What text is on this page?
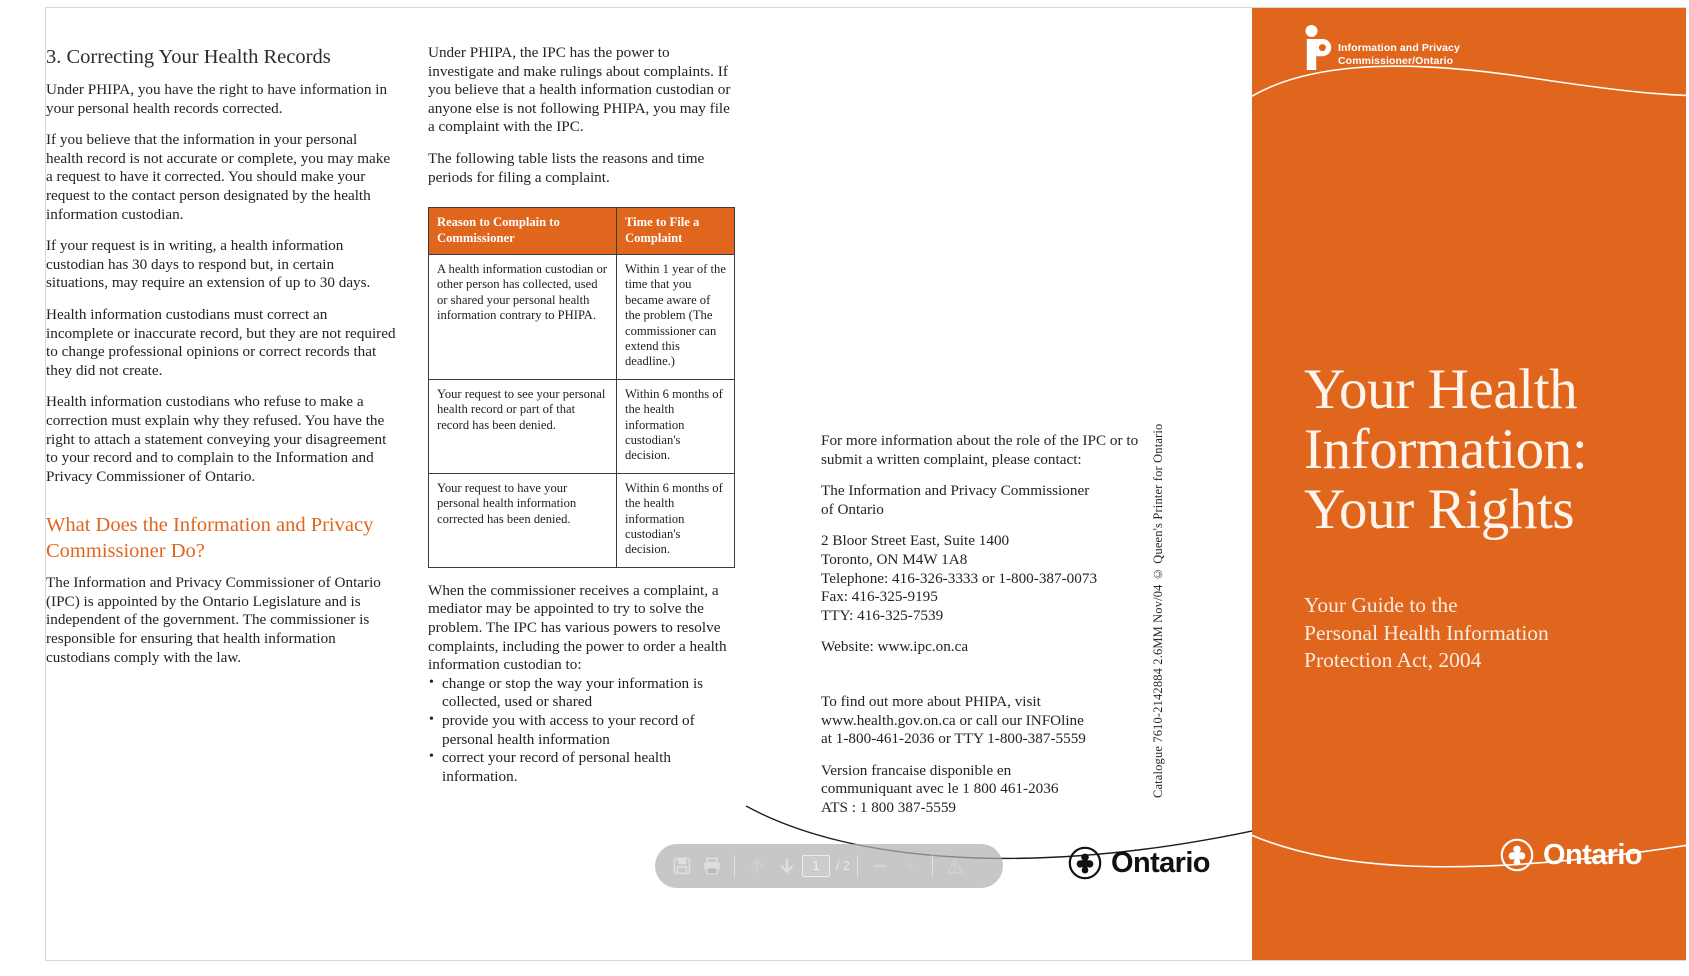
3. Correcting Your Health Records

Under PHIPA, you have the right to have information in your personal health records corrected.

If you believe that the information in your personal health record is not accurate or complete, you may make a request to have it corrected. You should make your request to the contact person designated by the health information custodian.

If your request is in writing, a health information custodian has 30 days to respond but, in certain situations, may require an extension of up to 30 days.

Health information custodians must correct an incomplete or inaccurate record, but they are not required to change professional opinions or correct records that they did not create.

Health information custodians who refuse to make a correction must explain why they refused. You have the right to attach a statement conveying your disagreement to your record and to complain to the Information and Privacy Commissioner of Ontario.

What Does the Information and Privacy Commissioner Do?

The Information and Privacy Commissioner of Ontario (IPC) is appointed by the Ontario Legislature and is independent of the government. The commissioner is responsible for ensuring that health information custodians comply with the law.

Under PHIPA, the IPC has the power to investigate and make rulings about complaints. If you believe that a health information custodian or anyone else is not following PHIPA, you may file a complaint with the IPC.

The following table lists the reasons and time periods for filing a complaint.

Reason to Complain to Commissioner	Time to File a Complaint
A health information custodian or other person has collected, used or shared your personal health information contrary to PHIPA.	Within 1 year of the time that you became aware of the problem (The commissioner can extend this deadline.)
Your request to see your personal health record or part of that record has been denied.	Within 6 months of the health information custodian's decision.
Your request to have your personal health information corrected has been denied.	Within 6 months of the health information custodian's decision.

When the commissioner receives a complaint, a mediator may be appointed to try to solve the problem. The IPC has various powers to resolve complaints, including the power to order a health information custodian to:

• change or stop the way your information is collected, used or shared
• provide you with access to your record of personal health information
• correct your record of personal health information.

For more information about the role of the IPC or to submit a written complaint, please contact:

The Information and Privacy Commissioner
of Ontario

2 Bloor Street East, Suite 1400
Toronto, ON M4W 1A8
Telephone: 416-326-3333 or 1-800-387-0073
Fax: 416-325-9195
TTY: 416-325-7539

Website: www.ipc.on.ca

To find out more about PHIPA, visit
www.health.gov.on.ca or call our INFOline
at 1-800-461-2036 or TTY 1-800-387-5559

Version francaise disponible en
communiquant avec le 1 800 461-2036
ATS : 1 800 387-5559

Catalogue 7610-2142884 2.6MM Nov/04 © Queen's Printer for Ontario
Ontario
Information and Privacy
Commissioner/Ontario
Your Health
Information:
Your Rights
Your Guide to the
Personal Health Information
Protection Act, 2004
Ontario
1	/ 2
